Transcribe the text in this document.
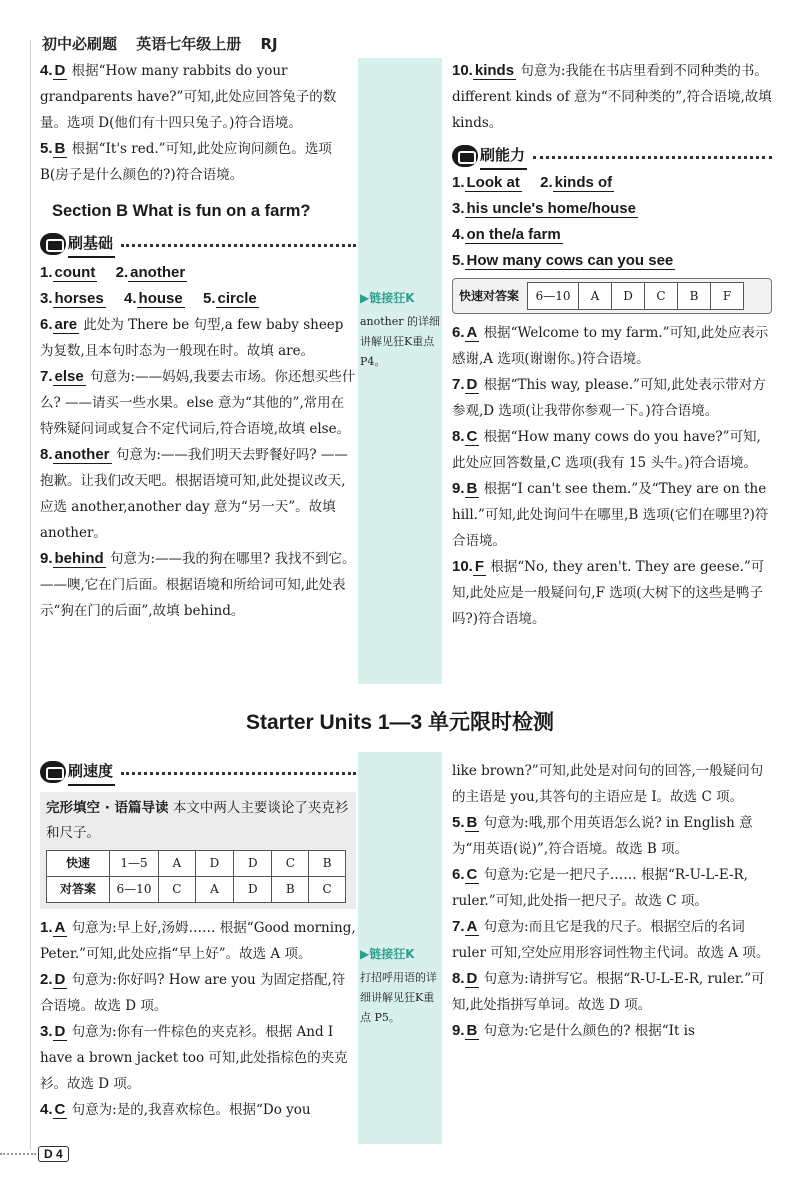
初中必刷题 英语七年级上册 RJ

4. D 根据“How many rabbits do your grandparents have?”可知,此处应回答兔子的数量。选项 D(他们有十四只兔子。)符合语境。

5. B 根据“It's red.”可知,此处应询问颜色。选项 B(房子是什么颜色的?)符合语境。

Section B What is fun on a farm?
刷基础

1. count 2. another

3. horses 4. house 5. circle

6. are 此处为 There be 句型,a few baby sheep 为复数,且本句时态为一般现在时。故填 are。

7. else 句意为:——妈妈,我要去市场。你还想买些什么? ——请买一些水果。else 意为“其他的”,常用在特殊疑问词或复合不定代词后,符合语境,故填 else。

8. another 句意为:——我们明天去野餐好吗? ——抱歉。让我们改天吧。根据语境可知,此处提议改天,应选 another,another day 意为“另一天”。故填 another。

9. behind 句意为:——我的狗在哪里? 我找不到它。——噢,它在门后面。根据语境和所给词可知,此处表示“狗在门的后面”,故填 behind。

▶链接狂K
another 的详细讲解见狂K重点 P4。

10. kinds 句意为:我能在书店里看到不同种类的书。different kinds of 意为“不同种类的”,符合语境,故填 kinds。

刷能力

1. Look at 2. kinds of

3. his uncle's home/house

4. on the/a farm

5. How many cows can you see

快速对答案 6—10	A	D	C	B	F

6. A 根据“Welcome to my farm.”可知,此处应表示感谢,A 选项(谢谢你。)符合语境。

7. D 根据“This way, please.”可知,此处表示带对方参观,D 选项(让我带你参观一下。)符合语境。

8. C 根据“How many cows do you have?”可知,此处应回答数量,C 选项(我有 15 头牛。)符合语境。

9. B 根据“I can't see them.”及“They are on the hill.”可知,此处询问牛在哪里,B 选项(它们在哪里?)符合语境。

10. F 根据“No, they aren't. They are geese.”可知,此处应是一般疑问句,F 选项(大树下的这些是鸭子吗?)符合语境。

Starter Units 1—3 单元限时检测
刷速度
完形填空 · 语篇导读 本文中两人主要谈论了夹克衫和尺子。
快速	1—5	A	D	D	C	B
对答案	6—10	C	A	D	B	C

1. A 句意为:早上好,汤姆…… 根据“Good morning, Peter.”可知,此处应指“早上好”。故选 A 项。

2. D 句意为:你好吗? How are you 为固定搭配,符合语境。故选 D 项。

3. D 句意为:你有一件棕色的夹克衫。根据 And I have a brown jacket too 可知,此处指棕色的夹克衫。故选 D 项。

4. C 句意为:是的,我喜欢棕色。根据“Do you

▶链接狂K
打招呼用语的详细讲解见狂K重点 P5。

like brown?”可知,此处是对问句的回答,一般疑问句的主语是 you,其答句的主语应是 I。故选 C 项。

5. B 句意为:哦,那个用英语怎么说? in English 意为“用英语(说)”,符合语境。故选 B 项。

6. C 句意为:它是一把尺子…… 根据“R-U-L-E-R, ruler.”可知,此处指一把尺子。故选 C 项。

7. A 句意为:而且它是我的尺子。根据空后的名词 ruler 可知,空处应用形容词性物主代词。故选 A 项。

8. D 句意为:请拼写它。根据“R-U-L-E-R, ruler.”可知,此处指拼写单词。故选 D 项。

9. B 句意为:它是什么颜色的? 根据“It is

D 4
